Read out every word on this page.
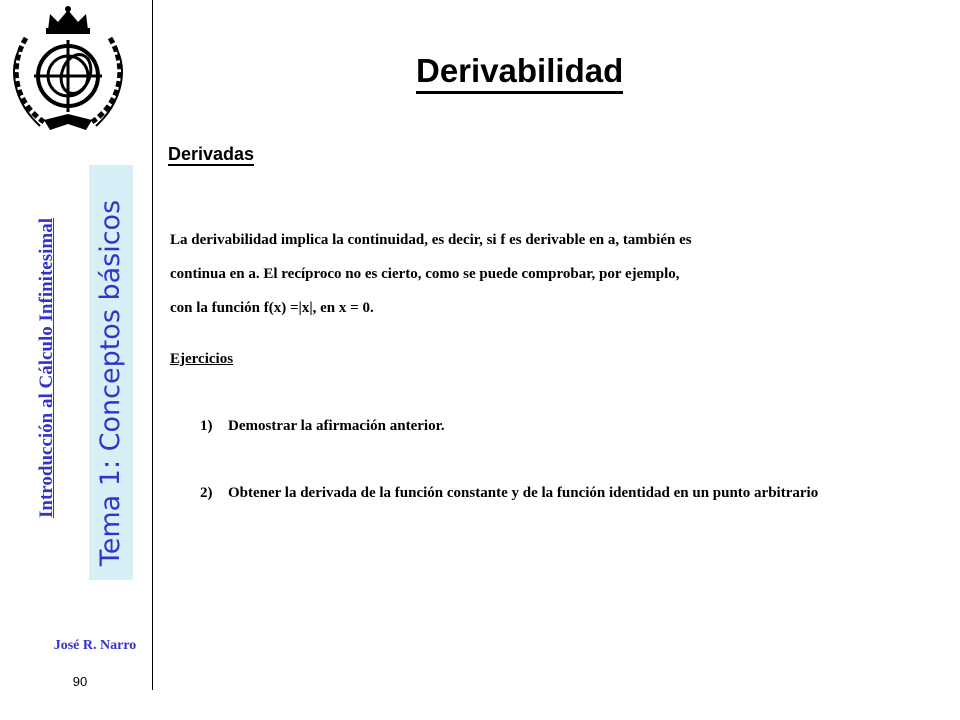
Introducción al Cálculo Infinitesimal Tema 1: Conceptos básicos
José R. Narro
90
Derivabilidad
Derivadas

La derivabilidad implica la continuidad, es decir, si f es derivable en a, también es

continua en a. El recíproco no es cierto, como se puede comprobar, por ejemplo,

con la función f(x) =|x|, en x = 0.

Ejercicios
1) Demostrar la afirmación anterior.
2) Obtener la derivada de la función constante y de la función identidad en un punto arbitrario
